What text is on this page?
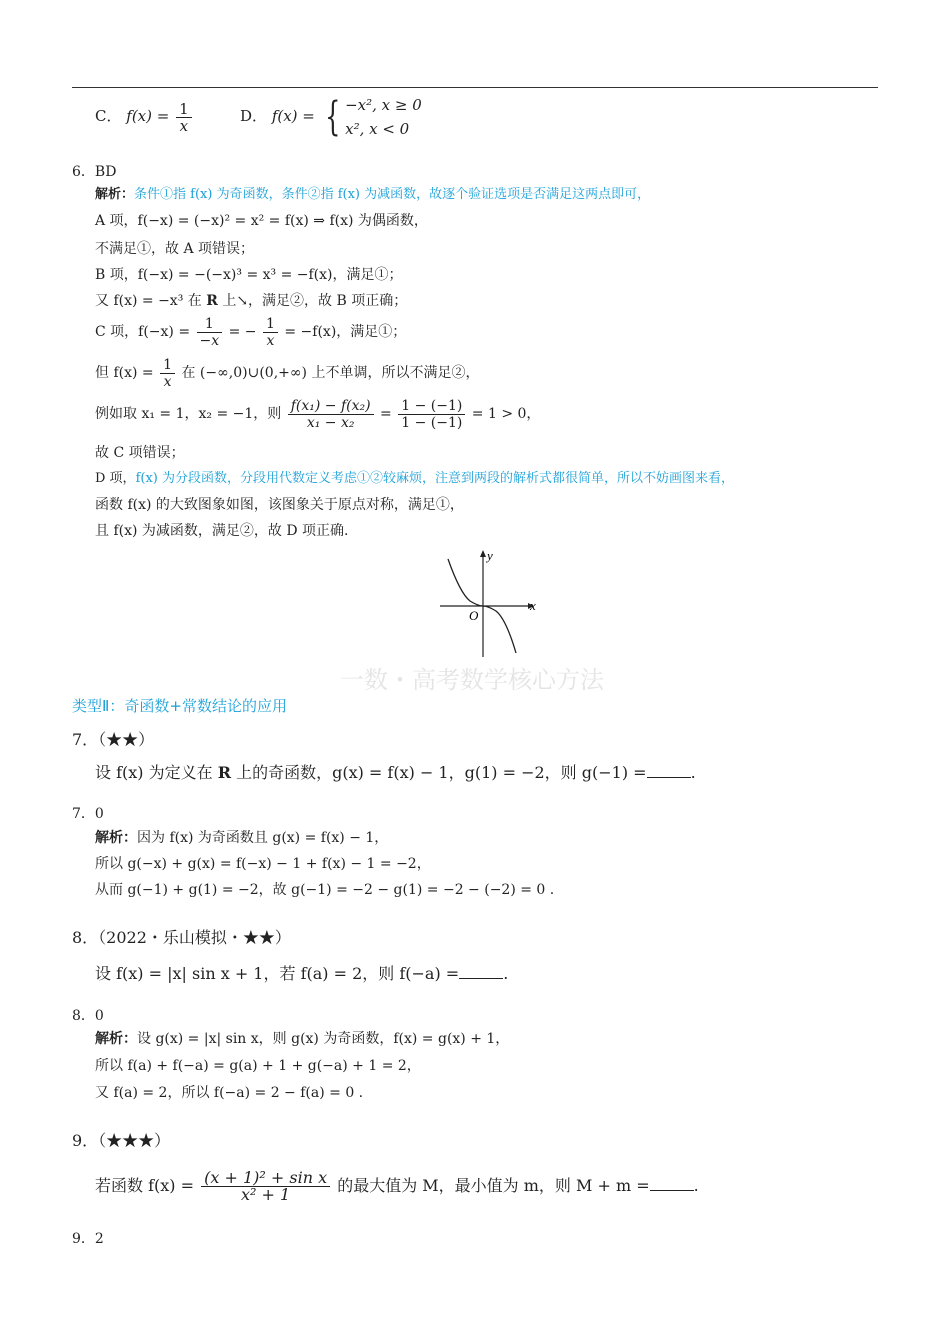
C． $f(x) = \frac{1}{x}$	D． f(x) = { −x², x ≥ 0
x², x < 0
6．BD
解析：条件①指 f(x) 为奇函数，条件②指 f(x) 为减函数，故逐个验证选项是否满足这两点即可，
A 项，f(−x) = (−x)² = x² = f(x) ⇒ f(x) 为偶函数，
不满足①，故 A 项错误；
B 项，f(−x) = −(−x)³ = x³ = −f(x)，满足①；
又 f(x) = −x³ 在 R 上↘，满足②，故 B 项正确；
C 项，$f(-x) = \frac{1}{-x}$ = − $\frac{1}{x} = -f(x)$，满足①；
但 $f(x) = \frac{1}{x}$ 在 (−∞,0)∪(0,+∞) 上不单调，所以不满足②，
例如取 x₁ = 1，x₂ = −1，则 $\frac{\text{f(x₁) − f(x₂)}}{\text{x₁ − x₂}} = \frac{1 - (-1)}{1 - (-1)} = 1 > 0$，
故 C 项错误；
D 项，f(x) 为分段函数，分段用代数定义考虑①②较麻烦，注意到两段的解析式都很简单，所以不妨画图来看，
函数 f(x) 的大致图象如图，该图象关于原点对称，满足①，
且 f(x) 为减函数，满足②，故 D 项正确.
x
y
O
一数・高考数学核心方法
类型Ⅱ：奇函数+常数结论的应用
7．（★★）
设 f(x) 为定义在 R 上的奇函数，g(x) = f(x) − 1，g(1) = −2，则 g(−1) =	.
7．0
解析：因为 f(x) 为奇函数且 g(x) = f(x) − 1，
所以 g(−x) + g(x) = f(−x) − 1 + f(x) − 1 = −2，
从而 g(−1) + g(1) = −2，故 g(−1) = −2 − g(1) = −2 − (−2) = 0 .
8．（2022・乐山模拟・★★）
设 f(x) = |x| sin x + 1，若 f(a) = 2，则 f(−a) =	.
8．0
解析：设 g(x) = |x| sin x，则 g(x) 为奇函数，f(x) = g(x) + 1，
所以 f(a) + f(−a) = g(a) + 1 + g(−a) + 1 = 2，
又 f(a) = 2，所以 f(−a) = 2 − f(a) = 0 .
9．（★★★）
若函数 $f(x) = \frac{\text{(x + 1)² + sin x}}{\text{x² + 1}}$ 的最大值为 M，最小值为 m，则 M + m =	.
9．2
